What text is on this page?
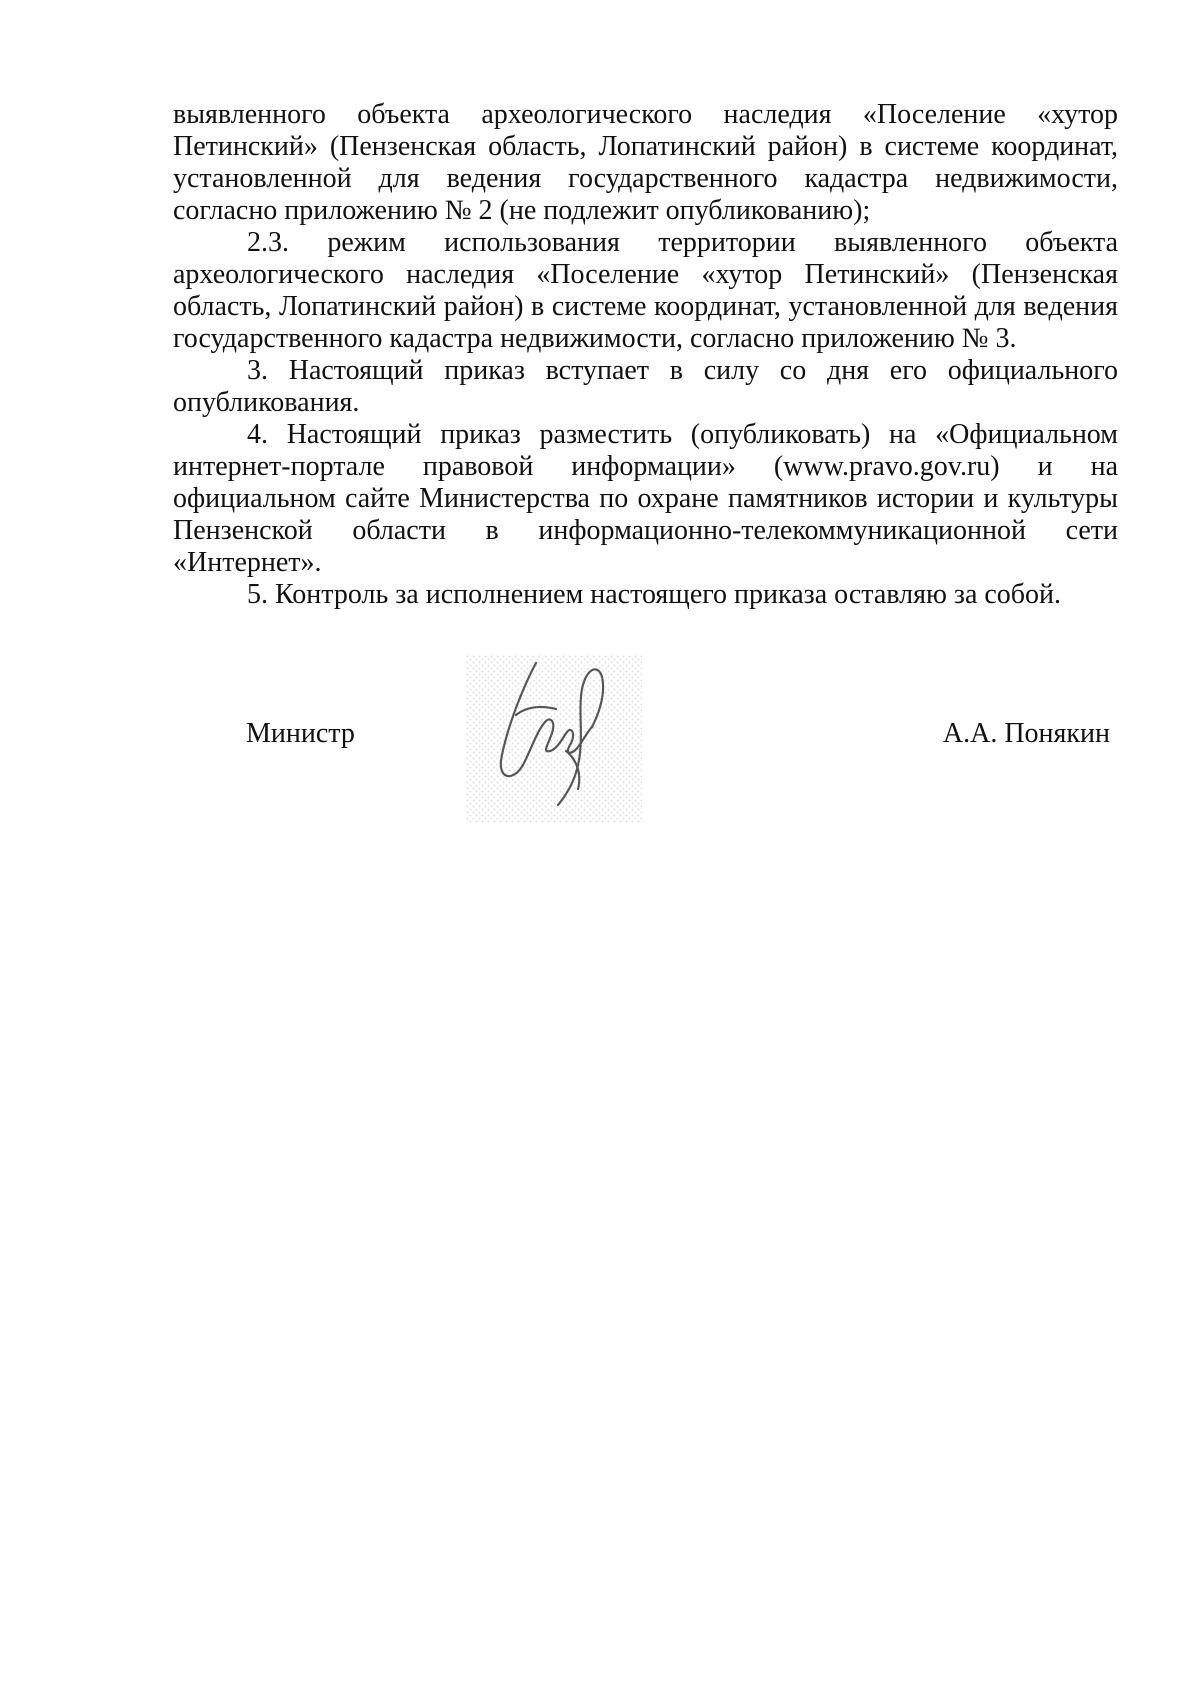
выявленного объекта археологического наследия «Поселение «хутор Петинский» (Пензенская область, Лопатинский район) в системе координат, установленной для ведения государственного кадастра недвижимости, согласно приложению № 2 (не подлежит опубликованию);

2.3. режим использования территории выявленного объекта археологического наследия «Поселение «хутор Петинский» (Пензенская область, Лопатинский район) в системе координат, установленной для ведения государственного кадастра недвижимости, согласно приложению № 3.

3. Настоящий приказ вступает в силу со дня его официального опубликования.

4. Настоящий приказ разместить (опубликовать) на «Официальном интернет-портале правовой информации» (www.pravo.gov.ru) и на официальном сайте Министерства по охране памятников истории и культуры Пензенской области в информационно-телекоммуникационной сети «Интернет».

5. Контроль за исполнением настоящего приказа оставляю за собой.

Министр	А.А. Понякин
